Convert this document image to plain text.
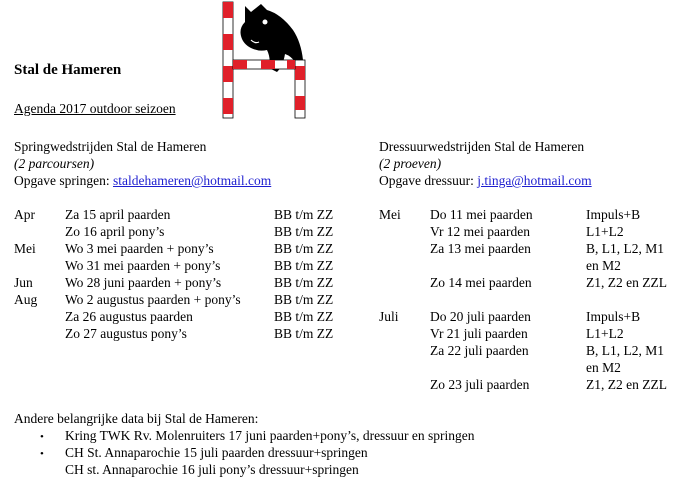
Stal de Hameren
Agenda 2017 outdoor seizoen
Springwedstrijden Stal de Hameren
(2 parcoursen)
Opgave springen: staldehameren@hotmail.com
Dressuurwedstrijden Stal de Hameren
(2 proeven)
Opgave dressuur: j.tinga@hotmail.com
Apr Za 15 april paarden	BB t/m ZZ
Zo 16 april pony’s	BB t/m ZZ
Mei Wo 3 mei paarden + pony’s	BB t/m ZZ
Wo 31 mei paarden + pony’s	BB t/m ZZ
Jun Wo 28 juni paarden + pony’s	BB t/m ZZ
Aug Wo 2 augustus paarden + pony’s BB t/m ZZ
Za 26 augustus paarden	BB t/m ZZ
Zo 27 augustus pony’s	BB t/m ZZ
Mei Do 11 mei paarden	Impuls+B
Vr 12 mei paarden	L1+L2
Za 13 mei paarden	B, L1, L2, M1
en M2
Zo 14 mei paarden	Z1, Z2 en ZZL
Juli Do 20 juli paarden	Impuls+B
Vr 21 juli paarden	L1+L2
Za 22 juli paarden	B, L1, L2, M1
en M2
Zo 23 juli paarden	Z1, Z2 en ZZL
Andere belangrijke data bij Stal de Hameren:
• Kring TWK Rv. Molenruiters 17 juni paarden+pony’s, dressuur en springen
• CH St. Annaparochie 15 juli paarden dressuur+springen
CH st. Annaparochie 16 juli pony’s dressuur+springen
